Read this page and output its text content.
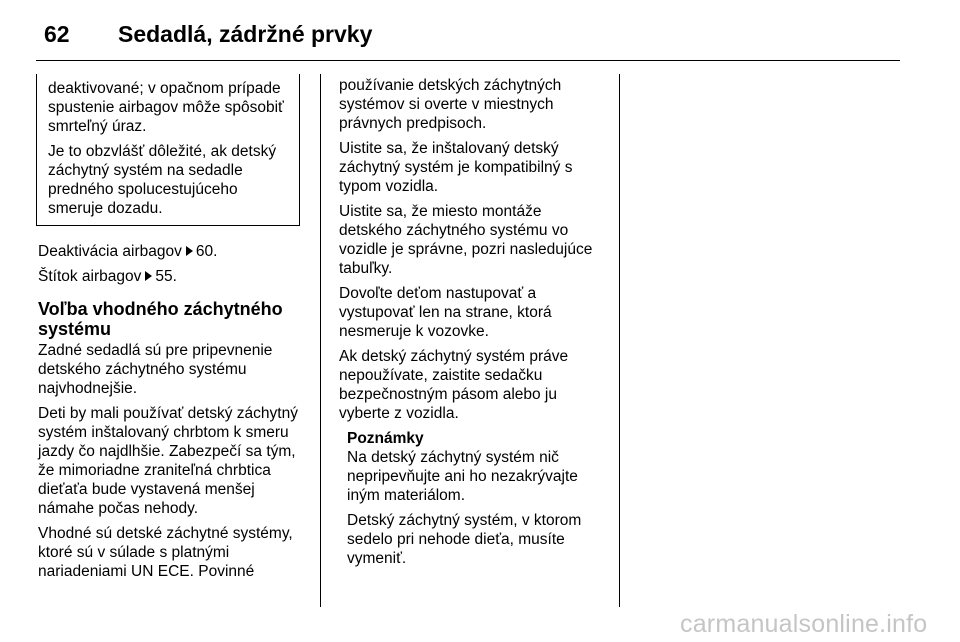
62 Sedadlá, zádržné prvky

deaktivované; v opačnom prípade spustenie airbagov môže spôsobiť smrteľný úraz.

Je to obzvlášť dôležité, ak detský záchytný systém na sedadle predného spolucestujúceho smeruje dozadu.

Deaktivácia airbagov 60.

Štítok airbagov 55.

Voľba vhodného záchytného systému

Zadné sedadlá sú pre pripevnenie detského záchytného systému najvhodnejšie.

Deti by mali používať detský záchytný systém inštalovaný chrbtom k smeru jazdy čo najdlhšie. Zabezpečí sa tým, že mimoriadne zraniteľná chrbtica dieťaťa bude vystavená menšej námahe počas nehody.

Vhodné sú detské záchytné systémy, ktoré sú v súlade s platnými nariadeniami UN ECE. Povinné

používanie detských záchytných systémov si overte v miestnych právnych predpisoch.

Uistite sa, že inštalovaný detský záchytný systém je kompatibilný s typom vozidla.

Uistite sa, že miesto montáže detského záchytného systému vo vozidle je správne, pozri nasledujúce tabuľky.

Dovoľte deťom nastupovať a vystupovať len na strane, ktorá nesmeruje k vozovke.

Ak detský záchytný systém práve nepoužívate, zaistite sedačku bezpečnostným pásom alebo ju vyberte z vozidla.

Poznámky

Na detský záchytný systém nič nepripevňujte ani ho nezakrývajte iným materiálom.

Detský záchytný systém, v ktorom sedelo pri nehode dieťa, musíte vymeniť.

carmanualsonline.info
